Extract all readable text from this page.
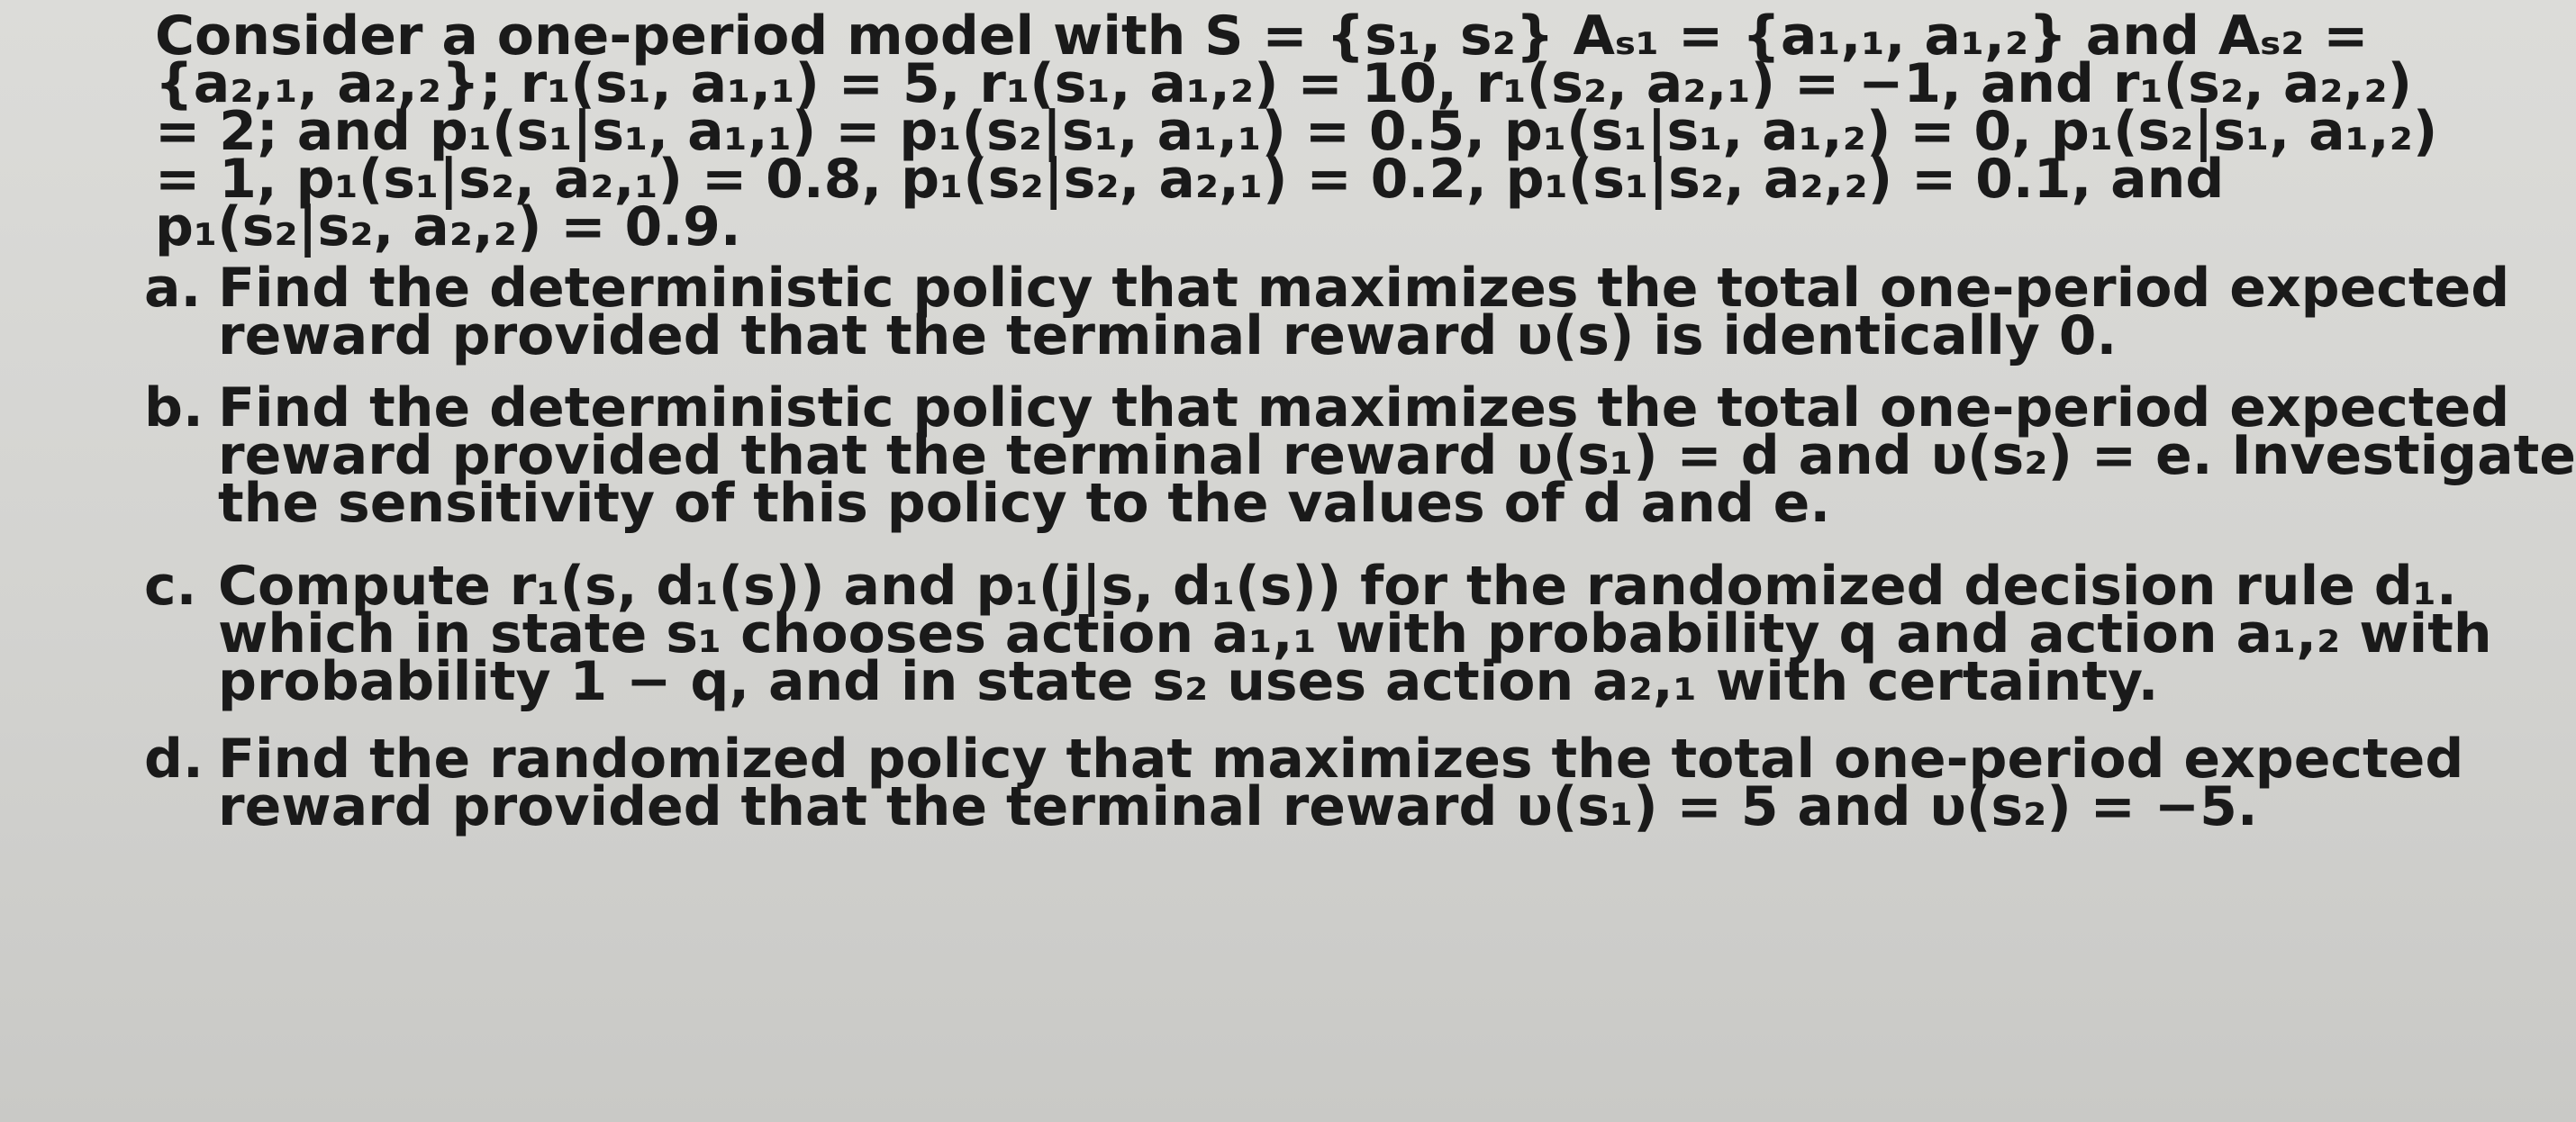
Consider a one-period model with S = {s₁, s₂} Aₛ₁ = {a₁,₁, a₁,₂} and Aₛ₂ =
{a₂,₁, a₂,₂}; r₁(s₁, a₁,₁) = 5, r₁(s₁, a₁,₂) = 10, r₁(s₂, a₂,₁) = −1, and r₁(s₂, a₂,₂)
= 2; and p₁(s₁|s₁, a₁,₁) = p₁(s₂|s₁, a₁,₁) = 0.5, p₁(s₁|s₁, a₁,₂) = 0, p₁(s₂|s₁, a₁,₂)
= 1, p₁(s₁|s₂, a₂,₁) = 0.8, p₁(s₂|s₂, a₂,₁) = 0.2, p₁(s₁|s₂, a₂,₂) = 0.1, and
p₁(s₂|s₂, a₂,₂) = 0.9.
a. Find the deterministic policy that maximizes the total one-period expected
reward provided that the terminal reward υ(s) is identically 0.
b. Find the deterministic policy that maximizes the total one-period expected
reward provided that the terminal reward υ(s₁) = d and υ(s₂) = e. Investigate
the sensitivity of this policy to the values of d and e.
c. Compute r₁(s, d₁(s)) and p₁(j|s, d₁(s)) for the randomized decision rule d₁.
which in state s₁ chooses action a₁,₁ with probability q and action a₁,₂ with
probability 1 − q, and in state s₂ uses action a₂,₁ with certainty.
d. Find the randomized policy that maximizes the total one-period expected
reward provided that the terminal reward υ(s₁) = 5 and υ(s₂) = −5.
